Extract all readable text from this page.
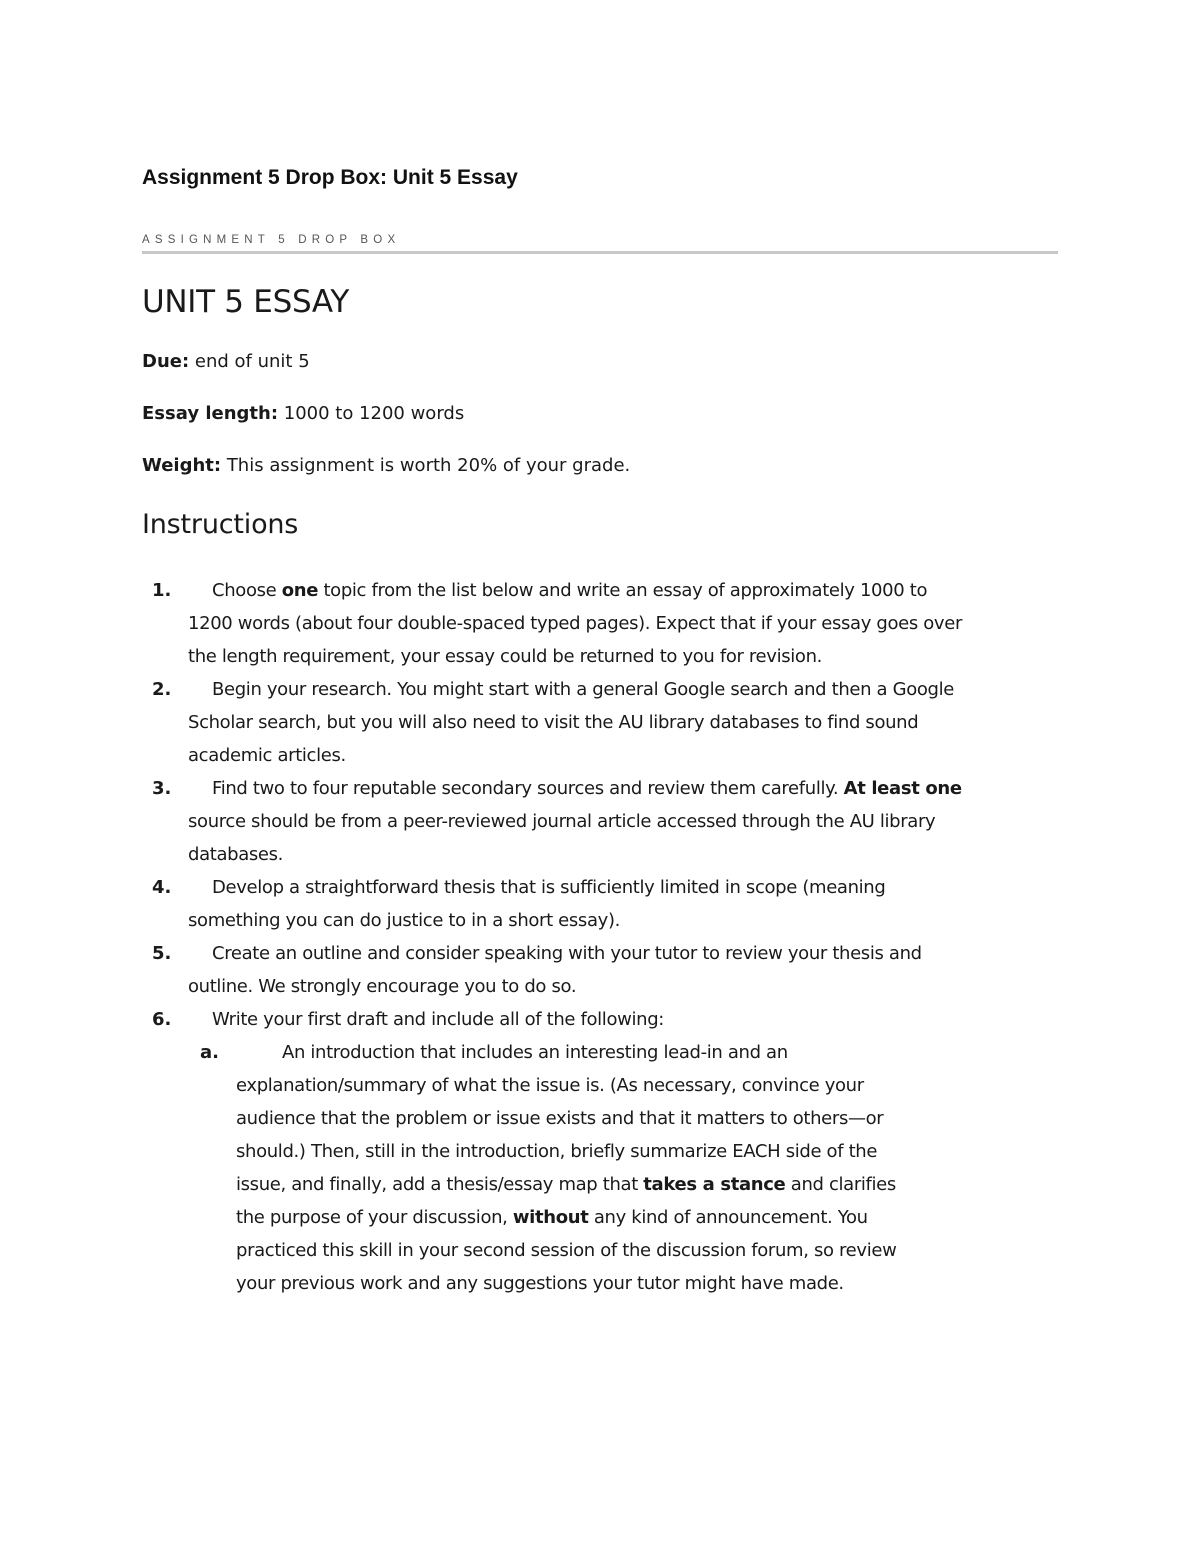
Assignment 5 Drop Box: Unit 5 Essay
ASSIGNMENT 5 DROP BOX
UNIT 5 ESSAY
Due: end of unit 5
Essay length: 1000 to 1200 words
Weight: This assignment is worth 20% of your grade.
Instructions
1.	Choose one topic from the list below and write an essay of approximately 1000 to 1200 words (about four double-spaced typed pages). Expect that if your essay goes over the length requirement, your essay could be returned to you for revision.
2.	Begin your research. You might start with a general Google search and then a Google Scholar search, but you will also need to visit the AU library databases to find sound academic articles.
3.	Find two to four reputable secondary sources and review them carefully. At least one source should be from a peer-reviewed journal article accessed through the AU library databases.
4.	Develop a straightforward thesis that is sufficiently limited in scope (meaning something you can do justice to in a short essay).
5.	Create an outline and consider speaking with your tutor to review your thesis and outline. We strongly encourage you to do so.
6.	Write your first draft and include all of the following:
a.	An introduction that includes an interesting lead-in and an explanation/summary of what the issue is. (As necessary, convince your audience that the problem or issue exists and that it matters to others—or should.) Then, still in the introduction, briefly summarize EACH side of the issue, and finally, add a thesis/essay map that takes a stance and clarifies the purpose of your discussion, without any kind of announcement. You practiced this skill in your second session of the discussion forum, so review your previous work and any suggestions your tutor might have made.
